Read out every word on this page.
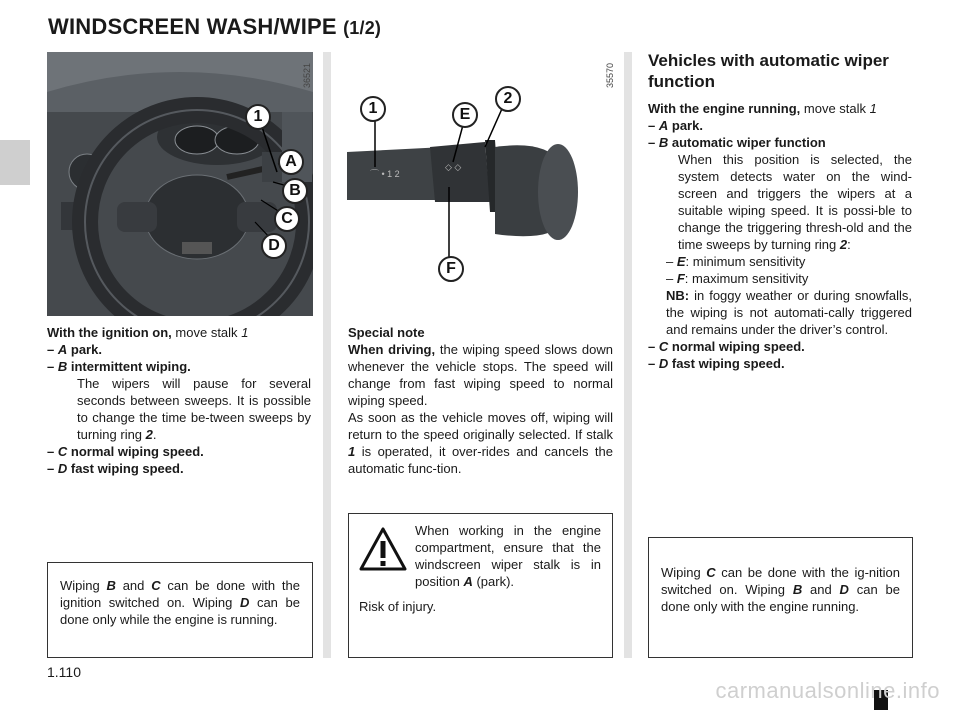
WINDSCREEN WASH/WIPE (1/2)
1
A
B
C
D
36521
⌒ • 1 2
◇ ◇
1	E
2
F
35570

With the ignition on, move stalk 1

– A park.

– B intermittent wiping.

The wipers will pause for several seconds between sweeps. It is possible to change the time be-tween sweeps by turning ring 2.

– C normal wiping speed.

– D fast wiping speed.

Wiping B and C can be done with the ignition switched on. Wiping D can be done only while the engine is running.

Special note

When driving, the wiping speed slows down whenever the vehicle stops. The speed will change from fast wiping speed to normal wiping speed.

As soon as the vehicle moves off, wiping will return to the speed originally selected. If stalk 1 is operated, it over-rides and cancels the automatic func-tion.

When working in the engine compartment, ensure that the windscreen wiper stalk is in position A (park).

Risk of injury.

Vehicles with automatic wiper function

With the engine running, move stalk 1

– A park.

– B automatic wiper function

When this position is selected, the system detects water on the wind-screen and triggers the wipers at a suitable wiping speed. It is possi-ble to change the triggering thresh-old and the time sweeps by turning ring 2:

– E: minimum sensitivity

– F: maximum sensitivity

NB: in foggy weather or during snowfalls, the wiping is not automati-cally triggered and remains under the driver’s control.

– C normal wiping speed.

– D fast wiping speed.

Wiping C can be done with the ig-nition switched on. Wiping B and D can be done only with the engine running.

1.110
carmanualsonline.info
